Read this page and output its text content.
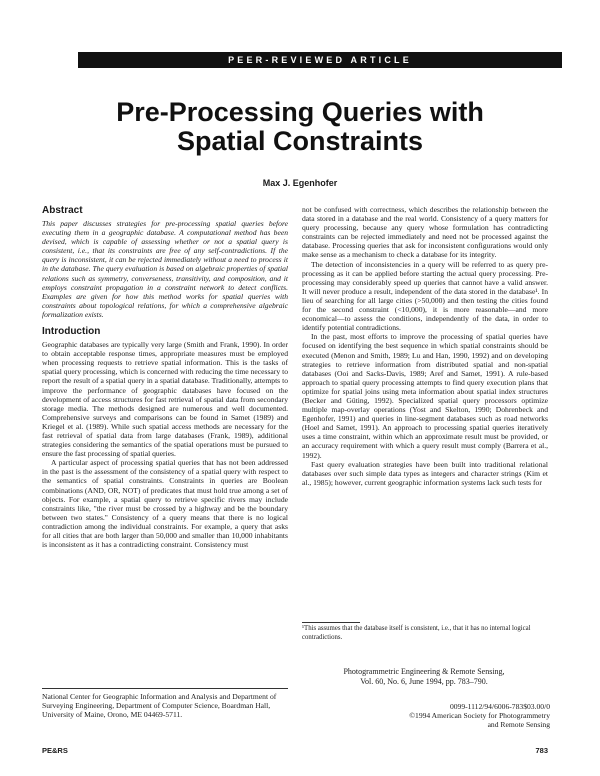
PEER-REVIEWED ARTICLE
Pre-Processing Queries with
Spatial Constraints
Max J. Egenhofer
Abstract
This paper discusses strategies for pre-processing spatial queries before executing them in a geographic database. A computational method has been devised, which is capable of assessing whether or not a spatial query is consistent, i.e., that its constraints are free of any self-contradictions. If the query is inconsistent, it can be rejected immediately without a need to process it in the database. The query evaluation is based on algebraic properties of spatial relations such as symmetry, converseness, transitivity, and composition, and it employs constraint propagation in a constraint network to detect conflicts. Examples are given for how this method works for spatial queries with constraints about topological relations, for which a comprehensive algebraic formalization exists.
Introduction

Geographic databases are typically very large (Smith and Frank, 1990). In order to obtain acceptable response times, appropriate measures must be employed when processing requests to retrieve spatial information. This is the tasks of spatial query processing, which is concerned with reducing the time necessary to report the result of a spatial query in a spatial database. Traditionally, attempts to improve the performance of geographic databases have focused on the development of access structures for fast retrieval of spatial data from secondary storage media. The methods designed are numerous and well documented. Comprehensive surveys and comparisons can be found in Samet (1989) and Kriegel et al. (1989). While such spatial access methods are necessary for the fast retrieval of spatial data from large databases (Frank, 1989), additional strategies considering the semantics of the spatial operations must be pursued to ensure the fast processing of spatial queries.

A particular aspect of processing spatial queries that has not been addressed in the past is the assessment of the consistency of a spatial query with respect to the semantics of spatial constraints. Constraints in queries are Boolean combinations (AND, OR, NOT) of predicates that must hold true among a set of objects. For example, a spatial query to retrieve specific rivers may include constraints like, "the river must be crossed by a highway and be the boundary between two states." Consistency of a query means that there is no logical contradiction among the individual constraints. For example, a query that asks for all cities that are both larger than 50,000 and smaller than 10,000 inhabitants is inconsistent as it has a contradicting constraint. Consistency must

not be confused with correctness, which describes the relationship between the data stored in a database and the real world. Consistency of a query matters for query processing, because any query whose formulation has contradicting constraints can be rejected immediately and need not be processed against the database. Processing queries that ask for inconsistent configurations would only make sense as a mechanism to check a database for its integrity.

The detection of inconsistencies in a query will be referred to as query pre-processing as it can be applied before starting the actual query processing. Pre-processing may considerably speed up queries that cannot have a valid answer. It will never produce a result, independent of the data stored in the database¹. In lieu of searching for all large cities (>50,000) and then testing the cities found for the second constraint (<10,000), it is more reasonable—and more economical—to assess the conditions, independently of the data, in order to identify potential contradictions.

In the past, most efforts to improve the processing of spatial queries have focused on identifying the best sequence in which spatial constraints should be executed (Menon and Smith, 1989; Lu and Han, 1990, 1992) and on developing strategies to retrieve information from distributed spatial and non-spatial databases (Ooi and Sacks-Davis, 1989; Aref and Samet, 1991). A rule-based approach to spatial query processing attempts to find query execution plans that optimize for spatial joins using meta information about spatial index structures (Becker and Güting, 1992). Specialized spatial query processors optimize multiple map-overlay operations (Yost and Skelton, 1990; Dohrenbeck and Egenhofer, 1991) and queries in line-segment databases such as road networks (Hoel and Samet, 1991). An approach to processing spatial queries iteratively uses a time constraint, within which an approximate result must be provided, or an accuracy requirement with which a query result must comply (Barrera et al., 1992).

Fast query evaluation strategies have been built into traditional relational databases over such simple data types as integers and character strings (Kim et al., 1985); however, current geographic information systems lack such tests for

¹This assumes that the database itself is consistent, i.e., that it has no internal logical contradictions.
National Center for Geographic Information and Analysis and Department of Surveying Engineering, Department of Computer Science, Boardman Hall, University of Maine, Orono, ME 04469-5711.
Photogrammetric Engineering & Remote Sensing,
Vol. 60, No. 6, June 1994, pp. 783–790.
0099-1112/94/6006-783$03.00/0
©1994 American Society for Photogrammetry
and Remote Sensing
PE&RS	783
